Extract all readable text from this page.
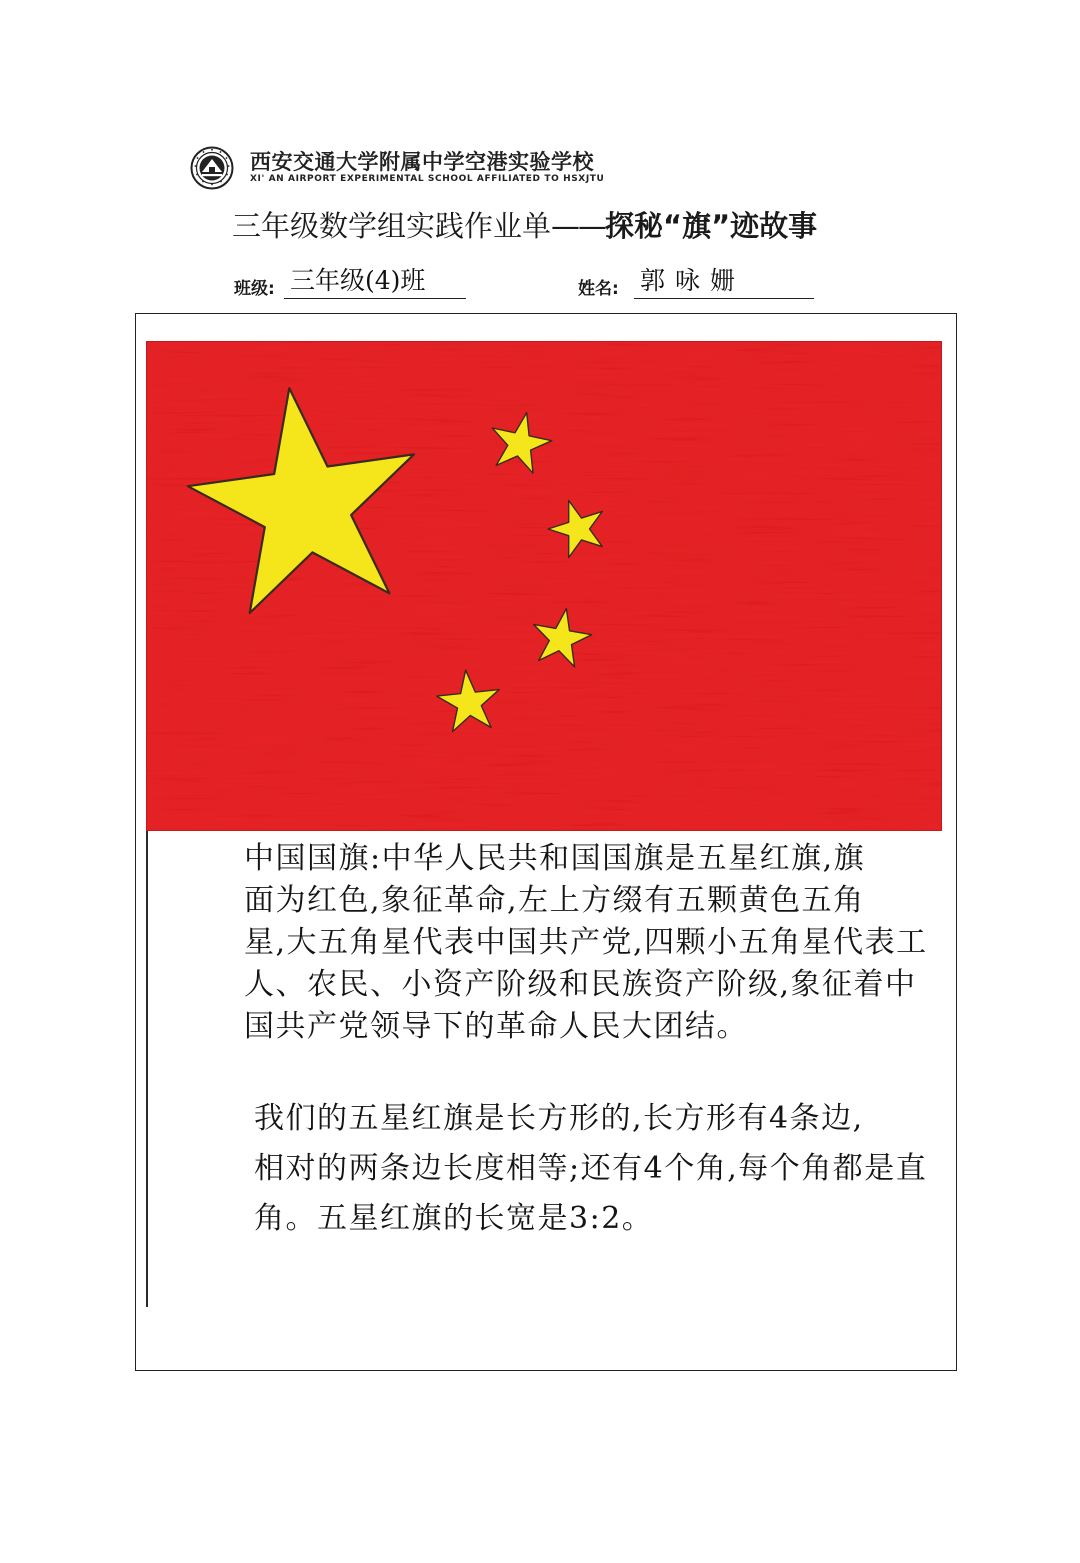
西安交通大学附属中学空港实验学校
XI' AN AIRPORT EXPERIMENTAL SCHOOL AFFILIATED TO HSXJTU
三年级数学组实践作业单——探秘“旗”迹故事
班级: 三年级(4)班	姓名: 郭咏姗
中国国旗:中华人民共和国国旗是五星红旗,旗
面为红色,象征革命,左上方缀有五颗黄色五角
星,大五角星代表中国共产党,四颗小五角星代表工
人、农民、小资产阶级和民族资产阶级,象征着中
国共产党领导下的革命人民大团结。
我们的五星红旗是长方形的,长方形有4条边,
相对的两条边长度相等;还有4个角,每个角都是直
角。五星红旗的长宽是3:2。
